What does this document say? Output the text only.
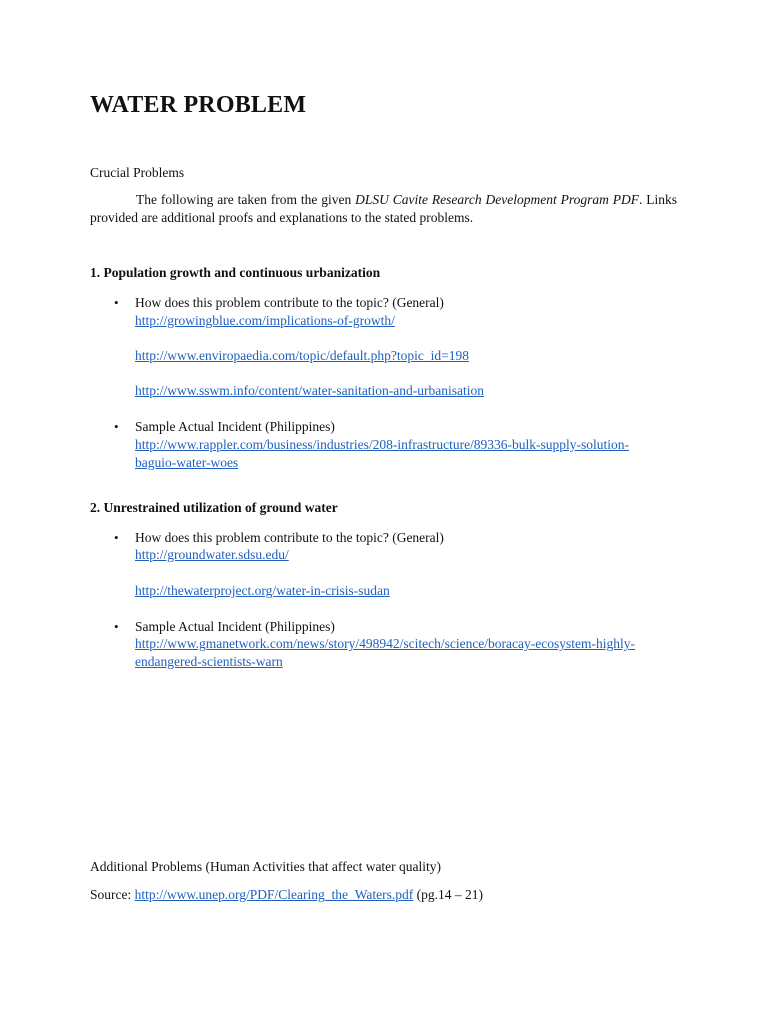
WATER PROBLEM
Crucial Problems
The following are taken from the given DLSU Cavite Research Development Program PDF. Links provided are additional proofs and explanations to the stated problems.
1. Population growth and continuous urbanization
• How does this problem contribute to the topic? (General)
http://growingblue.com/implications-of-growth/
http://www.enviropaedia.com/topic/default.php?topic_id=198
http://www.sswm.info/content/water-sanitation-and-urbanisation
• Sample Actual Incident (Philippines)
http://www.rappler.com/business/industries/208-infrastructure/89336-bulk-supply-solution-
baguio-water-woes
2. Unrestrained utilization of ground water
• How does this problem contribute to the topic? (General)
http://groundwater.sdsu.edu/
http://thewaterproject.org/water-in-crisis-sudan
• Sample Actual Incident (Philippines)
http://www.gmanetwork.com/news/story/498942/scitech/science/boracay-ecosystem-highly-
endangered-scientists-warn
Additional Problems (Human Activities that affect water quality)
Source: http://www.unep.org/PDF/Clearing_the_Waters.pdf (pg.14 – 21)
